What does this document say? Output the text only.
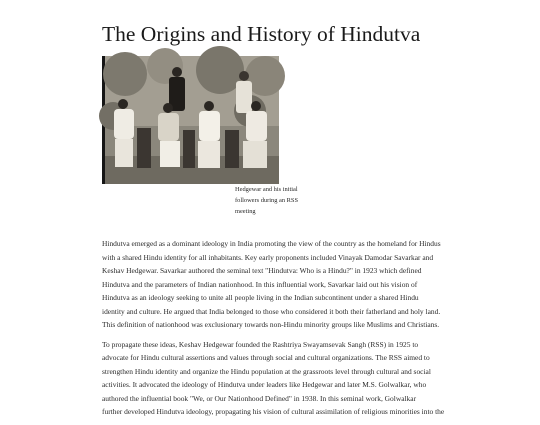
The Origins and History of Hindutva

Hedgewar and his initial
followers during an RSS
meeting

Hindutva emerged as a dominant ideology in India promoting the view of the country as the homeland for Hindus
with a shared Hindu identity for all inhabitants. Key early proponents included Vinayak Damodar Savarkar and
Keshav Hedgewar. Savarkar authored the seminal text "Hindutva: Who is a Hindu?" in 1923 which defined
Hindutva and the parameters of Indian nationhood. In this influential work, Savarkar laid out his vision of
Hindutva as an ideology seeking to unite all people living in the Indian subcontinent under a shared Hindu
identity and culture. He argued that India belonged to those who considered it both their fatherland and holy land.
This definition of nationhood was exclusionary towards non-Hindu minority groups like Muslims and Christians.

To propagate these ideas, Keshav Hedgewar founded the Rashtriya Swayamsevak Sangh (RSS) in 1925 to
advocate for Hindu cultural assertions and values through social and cultural organizations. The RSS aimed to
strengthen Hindu identity and organize the Hindu population at the grassroots level through cultural and social
activities. It advocated the ideology of Hindutva under leaders like Hedgewar and later M.S. Golwalkar, who
authored the influential book "We, or Our Nationhood Defined" in 1938. In this seminal work, Golwalkar
further developed Hindutva ideology, propagating his vision of cultural assimilation of religious minorities into the
